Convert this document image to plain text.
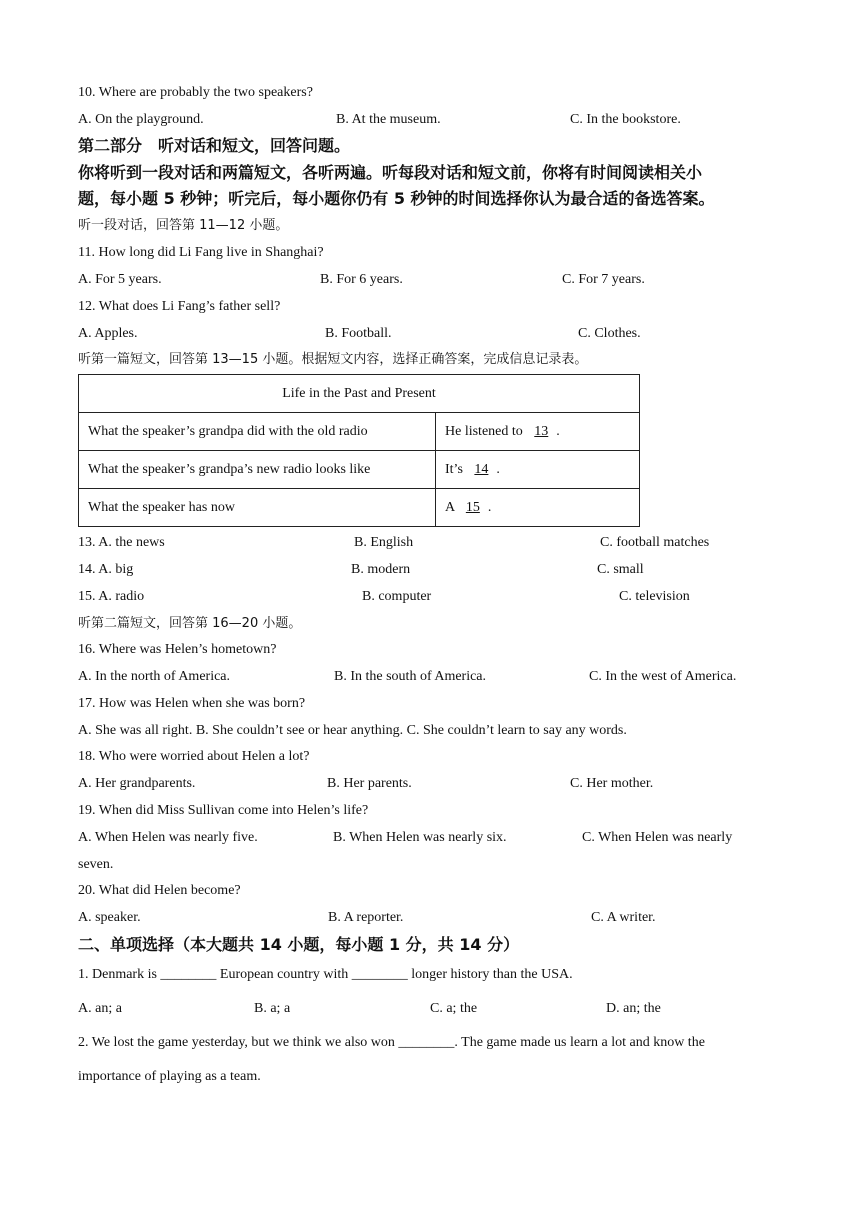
10. Where are probably the two speakers?
A. On the playground.	B. At the museum.	C. In the bookstore.
第二部分　听对话和短文，回答问题。
你将听到一段对话和两篇短文，各听两遍。听每段对话和短文前，你将有时间阅读相关小
题，每小题 5 秒钟；听完后，每小题你仍有 5 秒钟的时间选择你认为最合适的备选答案。
听一段对话，回答第 11—12 小题。
11. How long did Li Fang live in Shanghai?
A. For 5 years.	B. For 6 years.	C. For 7 years.
12. What does Li Fang’s father sell?
A. Apples.	B. Football.	C. Clothes.
听第一篇短文，回答第 13—15 小题。根据短文内容，选择正确答案，完成信息记录表。
Life in the Past and Present	
What the speaker’s grandpa did with the old radio	He listened to 13 .
What the speaker’s grandpa’s new radio looks like	It’s 14 .
What the speaker has now	A 15 .
13. A. the news	B. English	C. football matches
14. A. big	B. modern	C. small
15. A. radio	B. computer	C. television
听第二篇短文，回答第 16—20 小题。
16. Where was Helen’s hometown?
A. In the north of America.	B. In the south of America.	C. In the west of America.
17. How was Helen when she was born?
A. She was all right. B. She couldn’t see or hear anything. C. She couldn’t learn to say any words.
18. Who were worried about Helen a lot?
A. Her grandparents.	B. Her parents.	C. Her mother.
19. When did Miss Sullivan come into Helen’s life?
A. When Helen was nearly five.	B. When Helen was nearly six.	C. When Helen was nearly
seven.
20. What did Helen become?
A. speaker.	B. A reporter.	C. A writer.
二、单项选择（本大题共 14 小题，每小题 1 分，共 14 分）
1. Denmark is ________ European country with ________ longer history than the USA.
A. an; a	B. a; a	C. a; the	D. an; the
2. We lost the game yesterday, but we think we also won ________. The game made us learn a lot and know the
importance of playing as a team.
